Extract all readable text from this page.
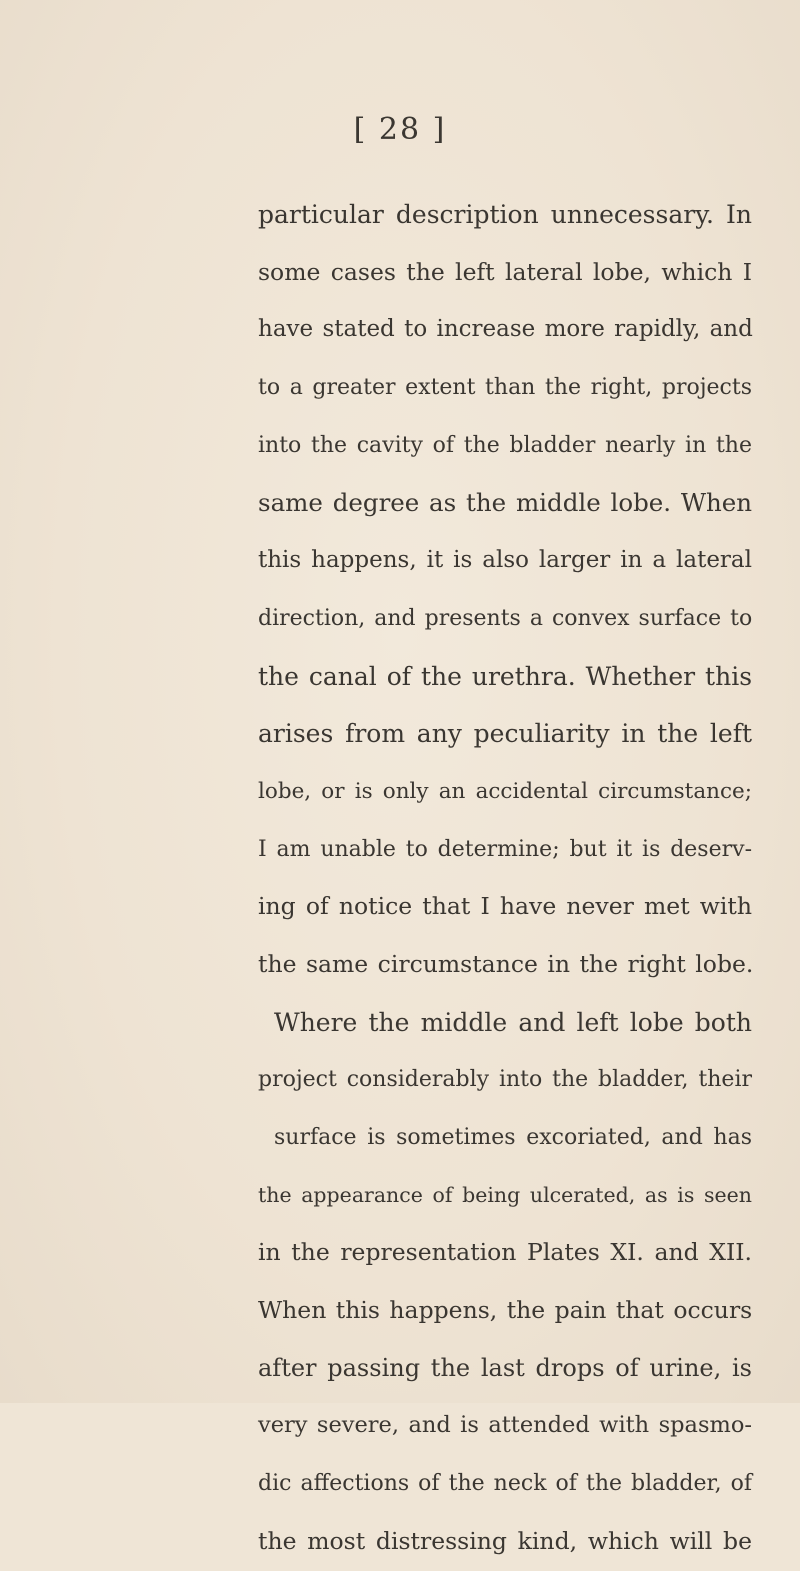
[ 28 ]
particular description unnecessary. In
some cases the left lateral lobe, which I
have stated to increase more rapidly, and
to a greater extent than the right, projects
into the cavity of the bladder nearly in the
same degree as the middle lobe. When
this happens, it is also larger in a lateral
direction, and presents a convex surface to
the canal of the urethra. Whether this
arises from any peculiarity in the left
lobe, or is only an accidental circumstance;
I am unable to determine; but it is deserv-
ing of notice that I have never met with
the same circumstance in the right lobe.
Where the middle and left lobe both
project considerably into the bladder, their
surface is sometimes excoriated, and has
the appearance of being ulcerated, as is seen
in the representation Plates XI. and XII.
When this happens, the pain that occurs
after passing the last drops of urine, is
very severe, and is attended with spasmo-
dic affections of the neck of the bladder, of
the most distressing kind, which will be
